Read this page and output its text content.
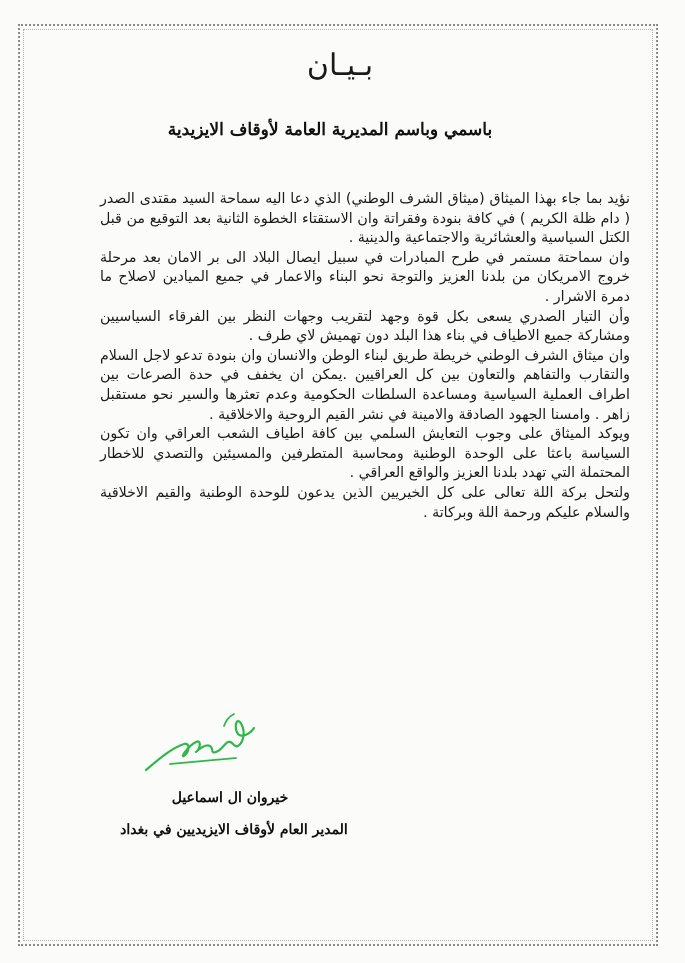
بـيـان
باسمي وباسم المديرية العامة لأوقاف الايزيدية

نؤيد بما جاء بهذا الميثاق (ميثاق الشرف الوطني) الذي دعا اليه سماحة السيد مقتدى الصدر ( دام ظلة الكريم ) في كافة بنودة وفقراتة وان الاستقتاء الخطوة الثانية بعد التوقيع من قبل الكتل السياسية والعشائرية والاجتماعية والدينية .

وان سماحتة مستمر في طرح المبادرات في سبيل ايصال البلاد الى بر الامان بعد مرحلة خروج الامريكان من بلدنا العزيز والتوجة نحو البناء والاعمار في جميع الميادين لاصلاح ما دمرة الاشرار .

وأن التيار الصدري يسعى بكل قوة وجهد لتقريب وجهات النظر بين الفرقاء السياسيين ومشاركة جميع الاطياف في بناء هذا البلد دون تهميش لاي طرف .

وان ميثاق الشرف الوطني خريطة طريق لبناء الوطن والانسان وان بنودة تدعو لاجل السلام والتقارب والتفاهم والتعاون بين كل العراقيين .يمكن ان يخفف في حدة الصرعات بين اطراف العملية السياسية ومساعدة السلطات الحكومية وعدم تعثرها والسير نحو مستقبل زاهر . وامسنا الجهود الصادقة والامينة في نشر القيم الروحية والاخلاقية .

ويوكد الميثاق على وجوب التعايش السلمي بين كافة اطياف الشعب العراقي وان تكون السياسة باعثا على الوحدة الوطنية ومحاسبة المتطرفين والمسيئين والتصدي للاخطار المحتملة التي تهدد بلدنا العزيز والواقع العراقي .

ولتحل بركة اللة تعالى على كل الخيريين الذين يدعون للوحدة الوطنية والقيم الاخلاقية والسلام عليكم ورحمة اللة وبركاتة .

خيروان ال اسماعيل
المدير العام لأوقاف الايزيديين في بغداد
